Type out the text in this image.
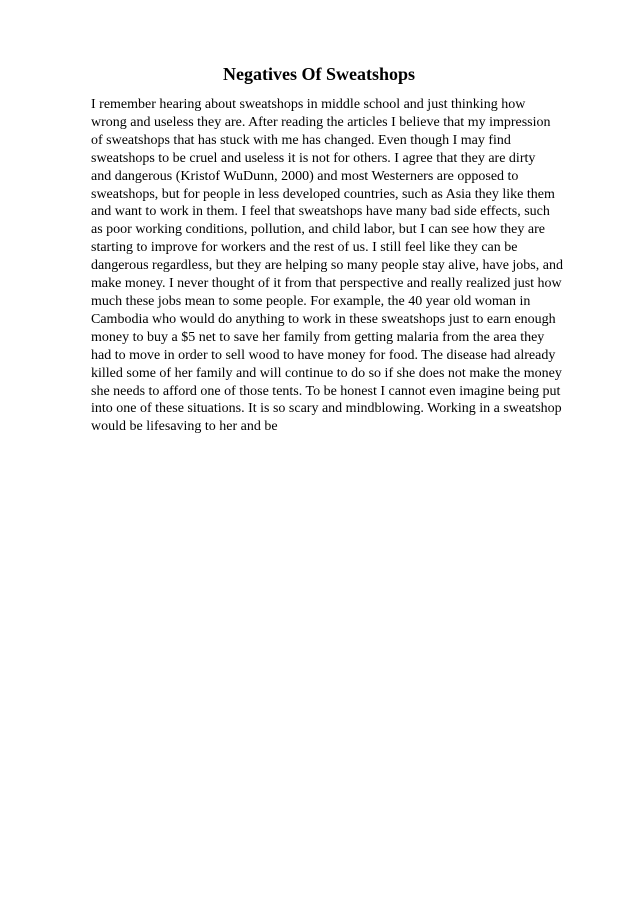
Negatives Of Sweatshops
I remember hearing about sweatshops in middle school and just thinking how
wrong and useless they are. After reading the articles I believe that my impression
of sweatshops that has stuck with me has changed. Even though I may find
sweatshops to be cruel and useless it is not for others. I agree that they are dirty
and dangerous (Kristof WuDunn, 2000) and most Westerners are opposed to
sweatshops, but for people in less developed countries, such as Asia they like them
and want to work in them. I feel that sweatshops have many bad side effects, such
as poor working conditions, pollution, and child labor, but I can see how they are
starting to improve for workers and the rest of us. I still feel like they can be
dangerous regardless, but they are helping so many people stay alive, have jobs, and
make money. I never thought of it from that perspective and really realized just how
much these jobs mean to some people. For example, the 40 year old woman in
Cambodia who would do anything to work in these sweatshops just to earn enough
money to buy a $5 net to save her family from getting malaria from the area they
had to move in order to sell wood to have money for food. The disease had already
killed some of her family and will continue to do so if she does not make the money
she needs to afford one of those tents. To be honest I cannot even imagine being put
into one of these situations. It is so scary and mindblowing. Working in a sweatshop
would be lifesaving to her and be
